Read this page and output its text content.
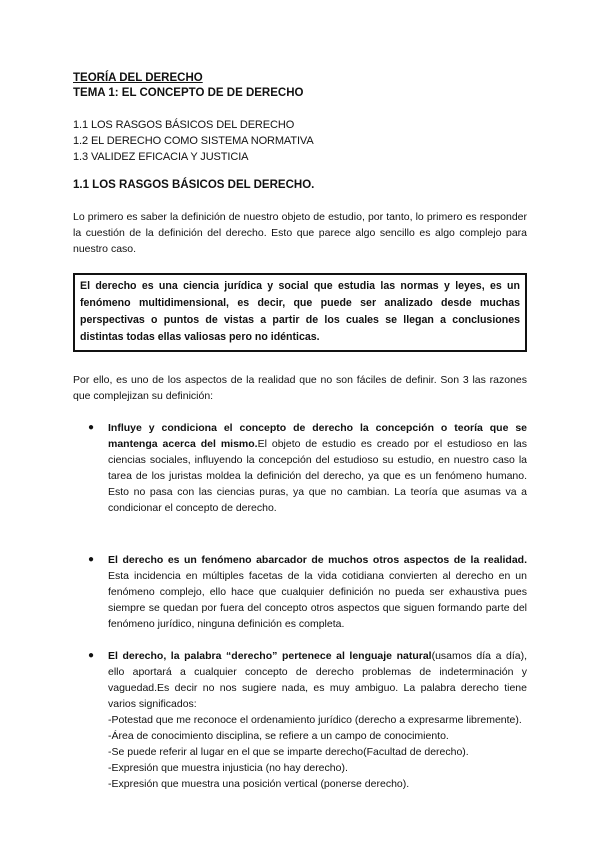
TEORÍA DEL DERECHO
TEMA 1: EL CONCEPTO DE DE DERECHO
1.1 LOS RASGOS BÁSICOS DEL DERECHO
1.2 EL DERECHO COMO SISTEMA NORMATIVA
1.3 VALIDEZ EFICACIA Y JUSTICIA
1.1 LOS RASGOS BÁSICOS DEL DERECHO.

Lo primero es saber la definición de nuestro objeto de estudio, por tanto, lo primero es responder la cuestión de la definición del derecho. Esto que parece algo sencillo es algo complejo para nuestro caso.

El derecho es una ciencia jurídica y social que estudia las normas y leyes, es un fenómeno multidimensional, es decir, que puede ser analizado desde muchas perspectivas o puntos de vistas a partir de los cuales se llegan a conclusiones distintas todas ellas valiosas pero no idénticas.

Por ello, es uno de los aspectos de la realidad que no son fáciles de definir. Son 3 las razones que complejizan su definición:

● Influye y condiciona el concepto de derecho la concepción o teoría que se mantenga acerca del mismo.El objeto de estudio es creado por el estudioso en las ciencias sociales, influyendo la concepción del estudioso su estudio, en nuestro caso la tarea de los juristas moldea la definición del derecho, ya que es un fenómeno humano. Esto no pasa con las ciencias puras, ya que no cambian. La teoría que asumas va a condicionar el concepto de derecho.
● El derecho es un fenómeno abarcador de muchos otros aspectos de la realidad. Esta incidencia en múltiples facetas de la vida cotidiana convierten al derecho en un fenómeno complejo, ello hace que cualquier definición no pueda ser exhaustiva pues siempre se quedan por fuera del concepto otros aspectos que siguen formando parte del fenómeno jurídico, ninguna definición es completa.
● El derecho, la palabra “derecho” pertenece al lenguaje natural(usamos día a día), ello aportará a cualquier concepto de derecho problemas de indeterminación y vaguedad.Es decir no nos sugiere nada, es muy ambiguo. La palabra derecho tiene varios significados:
-Potestad que me reconoce el ordenamiento jurídico (derecho a expresarme libremente).
-Área de conocimiento disciplina, se refiere a un campo de conocimiento.
-Se puede referir al lugar en el que se imparte derecho(Facultad de derecho).
-Expresión que muestra injusticia (no hay derecho).
-Expresión que muestra una posición vertical (ponerse derecho).
